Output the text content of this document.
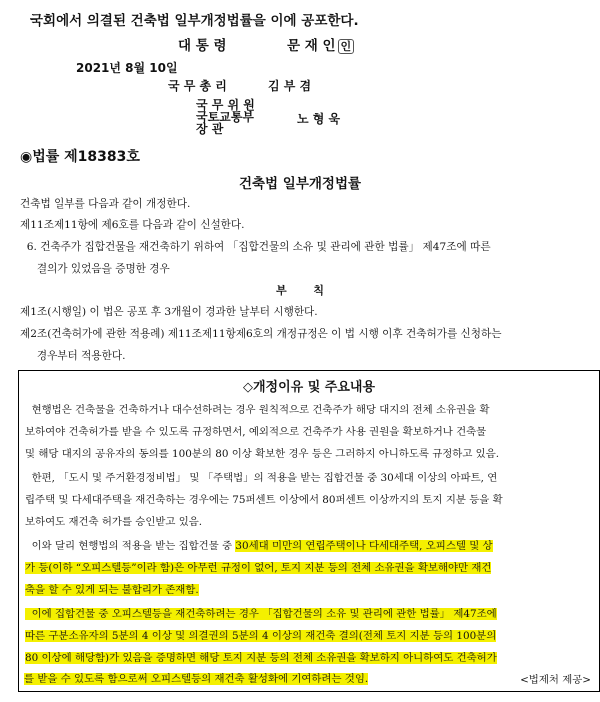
국회에서 의결된 건축법 일부개정법률을 이에 공포한다.
대 통 령	문 재 인 인
2021년 8월 10일
국 무 총 리	김 부 겸
국 무 위 원
국토교통부
장 관
노 형 욱
◉법률 제18383호
건축법 일부개정법률
건축법 일부를 다음과 같이 개정한다.
제11조제11항에 제6호를 다음과 같이 신설한다.
6. 건축주가 집합건물을 재건축하기 위하여 「집합건물의 소유 및 관리에 관한 법률」 제47조에 따른
결의가 있었음을 증명한 경우
부       칙
제1조(시행일) 이 법은 공포 후 3개월이 경과한 날부터 시행한다.
제2조(건축허가에 관한 적용례) 제11조제11항제6호의 개정규정은 이 법 시행 이후 건축허가를 신청하는
경우부터 적용한다.
◇개정이유 및 주요내용
현행법은 건축물을 건축하거나 대수선하려는 경우 원칙적으로 건축주가 해당 대지의 전체 소유권을 확
보하여야 건축허가를 받을 수 있도록 규정하면서, 예외적으로 건축주가 사용 권원을 확보하거나 건축물
및 해당 대지의 공유자의 동의를 100분의 80 이상 확보한 경우 등은 그러하지 아니하도록 규정하고 있음.
한편, 「도시 및 주거환경정비법」 및 「주택법」의 적용을 받는 집합건물 중 30세대 이상의 아파트, 연
립주택 및 다세대주택을 재건축하는 경우에는 75퍼센트 이상에서 80퍼센트 이상까지의 토지 지분 등을 확
보하여도 재건축 허가를 승인받고 있음.
이와 달리 현행법의 적용을 받는 집합건물 중 30세대 미만의 연립주택이나 다세대주택, 오피스텔 및 상
가 등(이하 “오피스텔등”이라 함)은 아무런 규정이 없어, 토지 지분 등의 전체 소유권을 확보해야만 재건
축을 할 수 있게 되는 불합리가 존재함.
이에 집합건물 중 오피스텔등을 재건축하려는 경우 「집합건물의 소유 및 관리에 관한 법률」 제47조에
따른 구분소유자의 5분의 4 이상 및 의결권의 5분의 4 이상의 재건축 결의(전체 토지 지분 등의 100분의
80 이상에 해당함)가 있음을 증명하면 해당 토지 지분 등의 전체 소유권을 확보하지 아니하여도 건축허가
<법제처 제공>
를 받을 수 있도록 함으로써 오피스텔등의 재건축 활성화에 기여하려는 것임.
